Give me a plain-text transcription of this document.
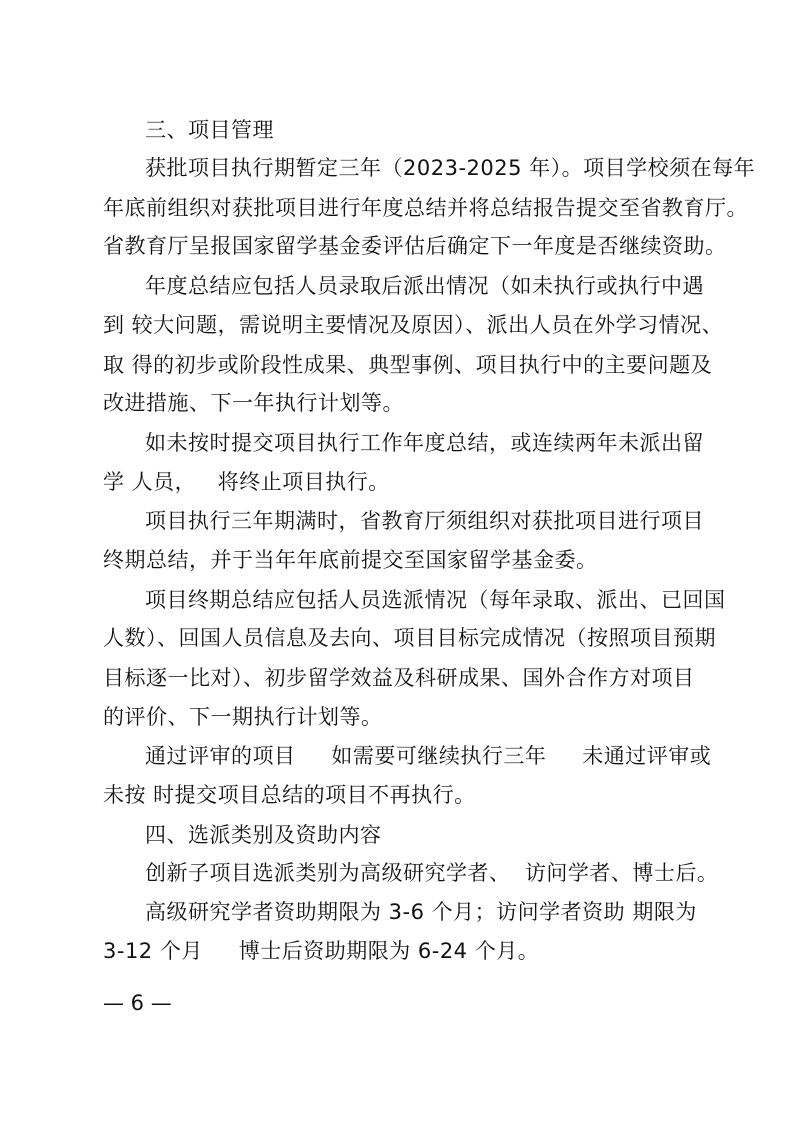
三、项目管理
获批项目执行期暂定三年（2023-2025 年）。项目学校须在每年
年底前组织对获批项目进行年度总结并将总结报告提交至省教育厅。
省教育厅呈报国家留学基金委评估后确定下一年度是否继续资助。
年度总结应包括人员录取后派出情况（如未执行或执行中遇
到 较大问题，需说明主要情况及原因）、派出人员在外学习情况、
取 得的初步或阶段性成果、典型事例、项目执行中的主要问题及
改进措施、下一年执行计划等。
如未按时提交项目执行工作年度总结，或连续两年未派出留
学 人员，   将终止项目执行。
项目执行三年期满时，省教育厅须组织对获批项目进行项目
终期总结，并于当年年底前提交至国家留学基金委。
项目终期总结应包括人员选派情况（每年录取、派出、已回国
人数）、回国人员信息及去向、项目目标完成情况（按照项目预期
目标逐一比对）、初步留学效益及科研成果、国外合作方对项目
的评价、下一期执行计划等。
通过评审的项目     如需要可继续执行三年     未通过评审或
未按 时提交项目总结的项目不再执行。
四、选派类别及资助内容
创新子项目选派类别为高级研究学者、  访问学者、博士后。
高级研究学者资助期限为 3-6 个月；访问学者资助 期限为
3-12 个月     博士后资助期限为 6-24 个月。
— 6 —
